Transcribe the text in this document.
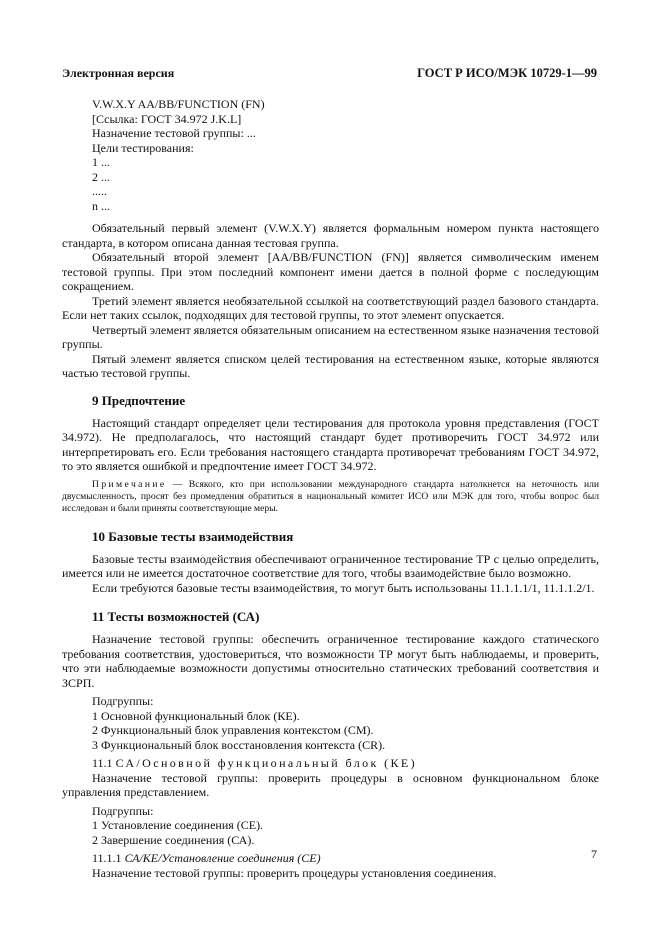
Электронная версия	ГОСТ Р ИСО/МЭК 10729-1—99

V.W.X.Y AA/BB/FUNCTION (FN)

[Ссылка: ГОСТ 34.972 J.K.L]

Назначение тестовой группы: ...

Цели тестирования:

1 ...

2 ...

.....

n ...

Обязательный первый элемент (V.W.X.Y) является формальным номером пункта настоящего стандарта, в котором описана данная тестовая группа.

Обязательный второй элемент [AA/BB/FUNCTION (FN)] является символическим именем тестовой группы. При этом последний компонент имени дается в полной форме с последующим сокращением.

Третий элемент является необязательной ссылкой на соответствующий раздел базового стандарта. Если нет таких ссылок, подходящих для тестовой группы, то этот элемент опускается.

Четвертый элемент является обязательным описанием на естественном языке назначения тестовой группы.

Пятый элемент является списком целей тестирования на естественном языке, которые являются частью тестовой группы.

9 Предпочтение

Настоящий стандарт определяет цели тестирования для протокола уровня представления (ГОСТ 34.972). Не предполагалось, что настоящий стандарт будет противоречить ГОСТ 34.972 или интерпретировать его. Если требования настоящего стандарта противоречат требованиям ГОСТ 34.972, то это является ошибкой и предпочтение имеет ГОСТ 34.972.

Примечание — Всякого, кто при использовании международного стандарта натолкнется на неточность или двусмысленность, просят без промедления обратиться в национальный комитет ИСО или МЭК для того, чтобы вопрос был исследован и были приняты соответствующие меры.

10 Базовые тесты взаимодействия

Базовые тесты взаимодействия обеспечивают ограниченное тестирование ТР с целью определить, имеется или не имеется достаточное соответствие для того, чтобы взаимодействие было возможно.

Если требуются базовые тесты взаимодействия, то могут быть использованы 11.1.1.1/1, 11.1.1.2/1.

11 Тесты возможностей (СА)

Назначение тестовой группы: обеспечить ограниченное тестирование каждого статического требования соответствия, удостовериться, что возможности ТР могут быть наблюдаемы, и проверить, что эти наблюдаемые возможности допустимы относительно статических требований соответствия и ЗСРП.

Подгруппы:

1 Основной функциональный блок (КЕ).

2 Функциональный блок управления контекстом (СМ).

3 Функциональный блок восстановления контекста (CR).

11.1 СА/Основной функциональный блок (КЕ)

Назначение тестовой группы: проверить процедуры в основном функциональном блоке управления представлением.

Подгруппы:

1 Установление соединения (СЕ).

2 Завершение соединения (СА).

11.1.1 СА/КЕ/Установление соединения (СЕ)

Назначение тестовой группы: проверить процедуры установления соединения.

7
